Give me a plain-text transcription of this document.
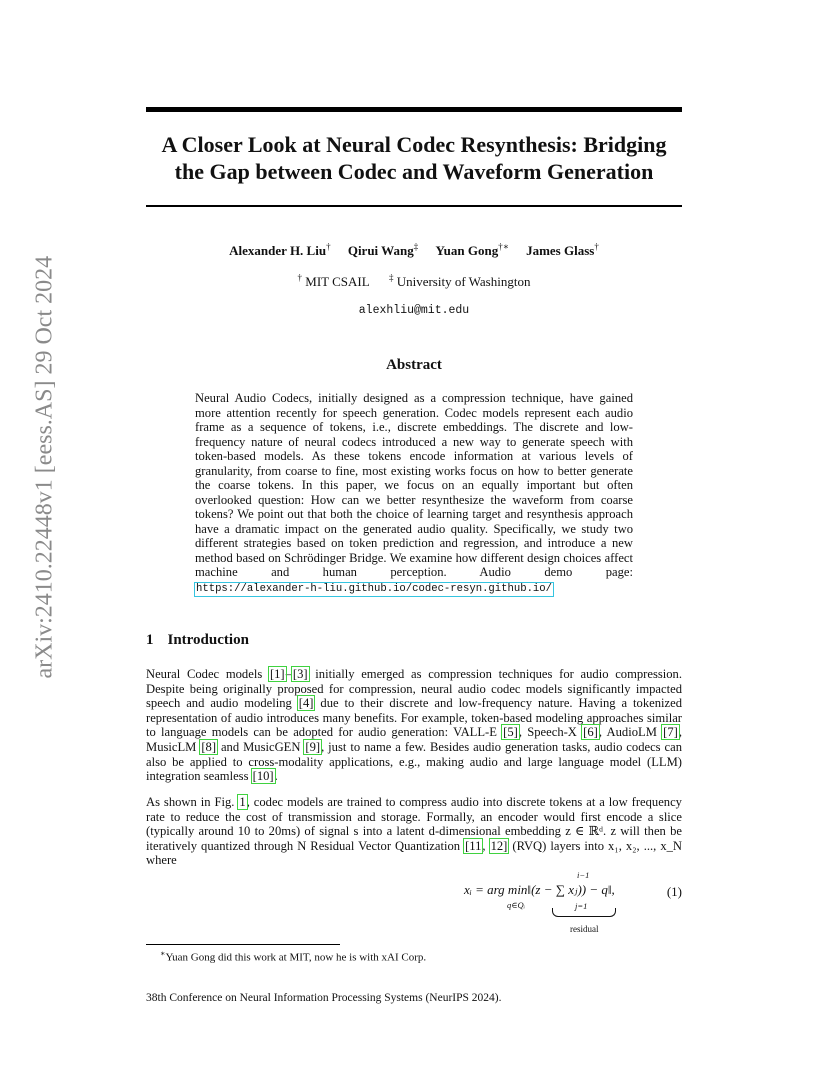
arXiv:2410.22448v1 [eess.AS] 29 Oct 2024
A Closer Look at Neural Codec Resynthesis: Bridging the Gap between Codec and Waveform Generation
Alexander H. Liu† Qirui Wang‡ Yuan Gong†∗ James Glass†
† MIT CSAIL ‡ University of Washington
alexhliu@mit.edu
Abstract
Neural Audio Codecs, initially designed as a compression technique, have gained more attention recently for speech generation. Codec models represent each audio frame as a sequence of tokens, i.e., discrete embeddings. The discrete and low-frequency nature of neural codecs introduced a new way to generate speech with token-based models. As these tokens encode information at various levels of granularity, from coarse to fine, most existing works focus on how to better generate the coarse tokens. In this paper, we focus on an equally important but often overlooked question: How can we better resynthesize the waveform from coarse tokens? We point out that both the choice of learning target and resynthesis approach have a dramatic impact on the generated audio quality. Specifically, we study two different strategies based on token prediction and regression, and introduce a new method based on Schrödinger Bridge. We examine how different design choices affect machine and human perception. Audio demo page: https://alexander-h-liu.github.io/codec-resyn.github.io/
1 Introduction
Neural Codec models [1]–[3] initially emerged as compression techniques for audio compression. Despite being originally proposed for compression, neural audio codec models significantly impacted speech and audio modeling [4] due to their discrete and low-frequency nature. Having a tokenized representation of audio introduces many benefits. For example, token-based modeling approaches similar to language models can be adopted for audio generation: VALL-E [5], Speech-X [6], AudioLM [7], MusicLM [8] and MusicGEN [9], just to name a few. Besides audio generation tasks, audio codecs can also be applied to cross-modality applications, e.g., making audio and large language model (LLM) integration seamless [10].
As shown in Fig. 1, codec models are trained to compress audio into discrete tokens at a low frequency rate to reduce the cost of transmission and storage. Formally, an encoder would first encode a slice (typically around 10 to 20ms) of signal s into a latent d-dimensional embedding z ∈ ℝᵈ. z will then be iteratively quantized through N Residual Vector Quantization [11, 12] (RVQ) layers into x₁, x₂, ..., x_N where
i−1
xᵢ = arg min‖(z − ∑ xⱼ)) − q‖,
q∈Qᵢ	j=1
residual
(1)
∗Yuan Gong did this work at MIT, now he is with xAI Corp.
38th Conference on Neural Information Processing Systems (NeurIPS 2024).
